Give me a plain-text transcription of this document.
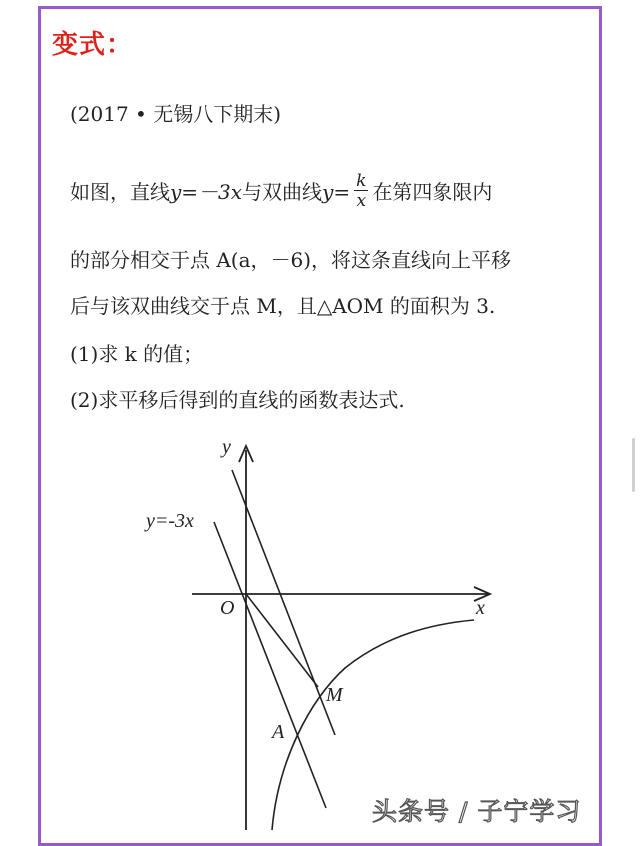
变式：
(2017 • 无锡八下期末)
如图，直线y=－3x与双曲线$y= \frac{k}{x}$ 在第四象限内
的部分相交于点 A(a，－6)，将这条直线向上平移
后与该双曲线交于点 M，且△AOM 的面积为 3.
(1)求 k 的值；
(2)求平移后得到的直线的函数表达式.
y
x
O
y=-3x
M
A
头条号 / 子宁学习
